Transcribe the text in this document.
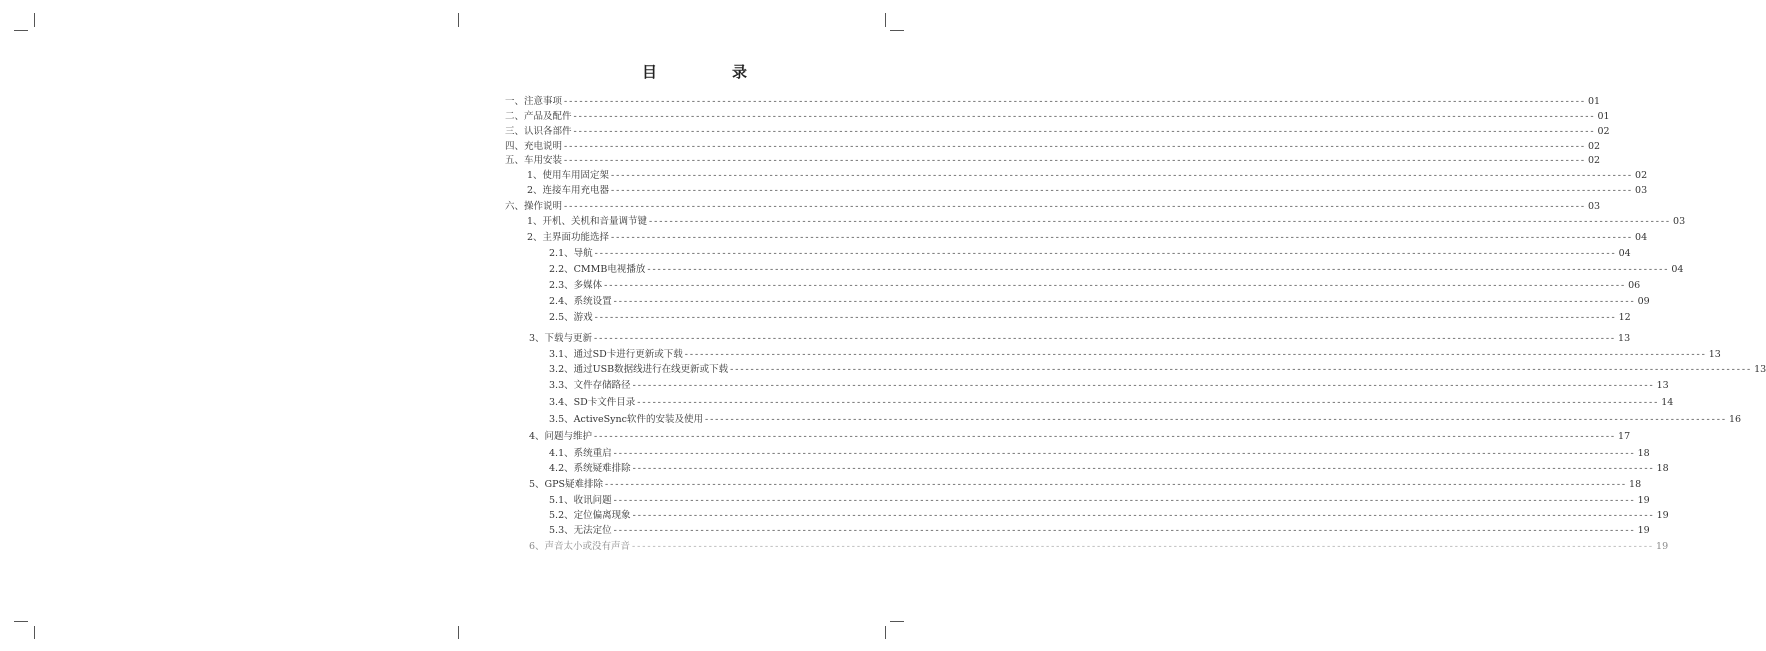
目　录
一、注意事项 -------------------------------------------------------------------------------------------------------------------------------------------------------------------------------------------------------- 01
二、产品及配件 -------------------------------------------------------------------------------------------------------------------------------------------------------------------------------------------------------- 01
三、认识各部件 -------------------------------------------------------------------------------------------------------------------------------------------------------------------------------------------------------- 02
四、充电说明 -------------------------------------------------------------------------------------------------------------------------------------------------------------------------------------------------------- 02
五、车用安装 -------------------------------------------------------------------------------------------------------------------------------------------------------------------------------------------------------- 02
1、使用车用固定架 -------------------------------------------------------------------------------------------------------------------------------------------------------------------------------------------------------- 02
2、连接车用充电器 -------------------------------------------------------------------------------------------------------------------------------------------------------------------------------------------------------- 03
六、操作说明 -------------------------------------------------------------------------------------------------------------------------------------------------------------------------------------------------------- 03
1、开机、关机和音量调节键 -------------------------------------------------------------------------------------------------------------------------------------------------------------------------------------------------------- 03
2、主界面功能选择 -------------------------------------------------------------------------------------------------------------------------------------------------------------------------------------------------------- 04
2.1、导航 -------------------------------------------------------------------------------------------------------------------------------------------------------------------------------------------------------- 04
2.2、CMMB电视播放 -------------------------------------------------------------------------------------------------------------------------------------------------------------------------------------------------------- 04
2.3、多媒体 -------------------------------------------------------------------------------------------------------------------------------------------------------------------------------------------------------- 06
2.4、系统设置 -------------------------------------------------------------------------------------------------------------------------------------------------------------------------------------------------------- 09
2.5、游戏 -------------------------------------------------------------------------------------------------------------------------------------------------------------------------------------------------------- 12
3、下载与更新 -------------------------------------------------------------------------------------------------------------------------------------------------------------------------------------------------------- 13
3.1、通过SD卡进行更新或下载 -------------------------------------------------------------------------------------------------------------------------------------------------------------------------------------------------------- 13
3.2、通过USB数据线进行在线更新或下载 -------------------------------------------------------------------------------------------------------------------------------------------------------------------------------------------------------- 13
3.3、文件存储路径 -------------------------------------------------------------------------------------------------------------------------------------------------------------------------------------------------------- 13
3.4、SD卡文件目录 -------------------------------------------------------------------------------------------------------------------------------------------------------------------------------------------------------- 14
3.5、ActiveSync软件的安装及使用 -------------------------------------------------------------------------------------------------------------------------------------------------------------------------------------------------------- 16
4、问题与维护 -------------------------------------------------------------------------------------------------------------------------------------------------------------------------------------------------------- 17
4.1、系统重启 -------------------------------------------------------------------------------------------------------------------------------------------------------------------------------------------------------- 18
4.2、系统疑难排除 -------------------------------------------------------------------------------------------------------------------------------------------------------------------------------------------------------- 18
5、GPS疑难排除 -------------------------------------------------------------------------------------------------------------------------------------------------------------------------------------------------------- 18
5.1、收讯问题 -------------------------------------------------------------------------------------------------------------------------------------------------------------------------------------------------------- 19
5.2、定位偏离现象 -------------------------------------------------------------------------------------------------------------------------------------------------------------------------------------------------------- 19
5.3、无法定位 -------------------------------------------------------------------------------------------------------------------------------------------------------------------------------------------------------- 19
6、声音太小或没有声音 -------------------------------------------------------------------------------------------------------------------------------------------------------------------------------------------------------- 19
